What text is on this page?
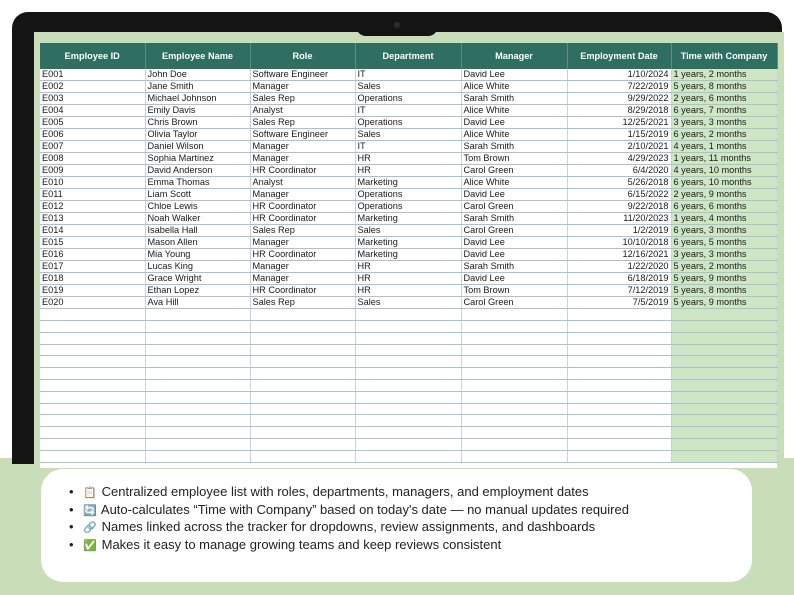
Employee ID	Employee Name	Role	Department	Manager	Employment Date	Time with Company
E001	John Doe	Software Engineer	IT	David Lee	1/10/2024	1 years, 2 months
E002	Jane Smith	Manager	Sales	Alice White	7/22/2019	5 years, 8 months
E003	Michael Johnson	Sales Rep	Operations	Sarah Smith	9/29/2022	2 years, 6 months
E004	Emily Davis	Analyst	IT	Alice White	8/29/2018	6 years, 7 months
E005	Chris Brown	Sales Rep	Operations	David Lee	12/25/2021	3 years, 3 months
E006	Olivia Taylor	Software Engineer	Sales	Alice White	1/15/2019	6 years, 2 months
E007	Daniel Wilson	Manager	IT	Sarah Smith	2/10/2021	4 years, 1 months
E008	Sophia Martinez	Manager	HR	Tom Brown	4/29/2023	1 years, 11 months
E009	David Anderson	HR Coordinator	HR	Carol Green	6/4/2020	4 years, 10 months
E010	Emma Thomas	Analyst	Marketing	Alice White	5/26/2018	6 years, 10 months
E011	Liam Scott	Manager	Operations	David Lee	6/15/2022	2 years, 9 months
E012	Chloe Lewis	HR Coordinator	Operations	Carol Green	9/22/2018	6 years, 6 months
E013	Noah Walker	HR Coordinator	Marketing	Sarah Smith	11/20/2023	1 years, 4 months
E014	Isabella Hall	Sales Rep	Sales	Carol Green	1/2/2019	6 years, 3 months
E015	Mason Allen	Manager	Marketing	David Lee	10/10/2018	6 years, 5 months
E016	Mia Young	HR Coordinator	Marketing	David Lee	12/16/2021	3 years, 3 months
E017	Lucas King	Manager	HR	Sarah Smith	1/22/2020	5 years, 2 months
E018	Grace Wright	Manager	HR	David Lee	6/18/2019	5 years, 9 months
E019	Ethan Lopez	HR Coordinator	HR	Tom Brown	7/12/2019	5 years, 8 months
E020	Ava Hill	Sales Rep	Sales	Carol Green	7/5/2019	5 years, 9 months

• 📋 Centralized employee list with roles, departments, managers, and employment dates
• 🔄 Auto-calculates “Time with Company” based on today's date — no manual updates required
• 🔗 Names linked across the tracker for dropdowns, review assignments, and dashboards
• ✅ Makes it easy to manage growing teams and keep reviews consistent
